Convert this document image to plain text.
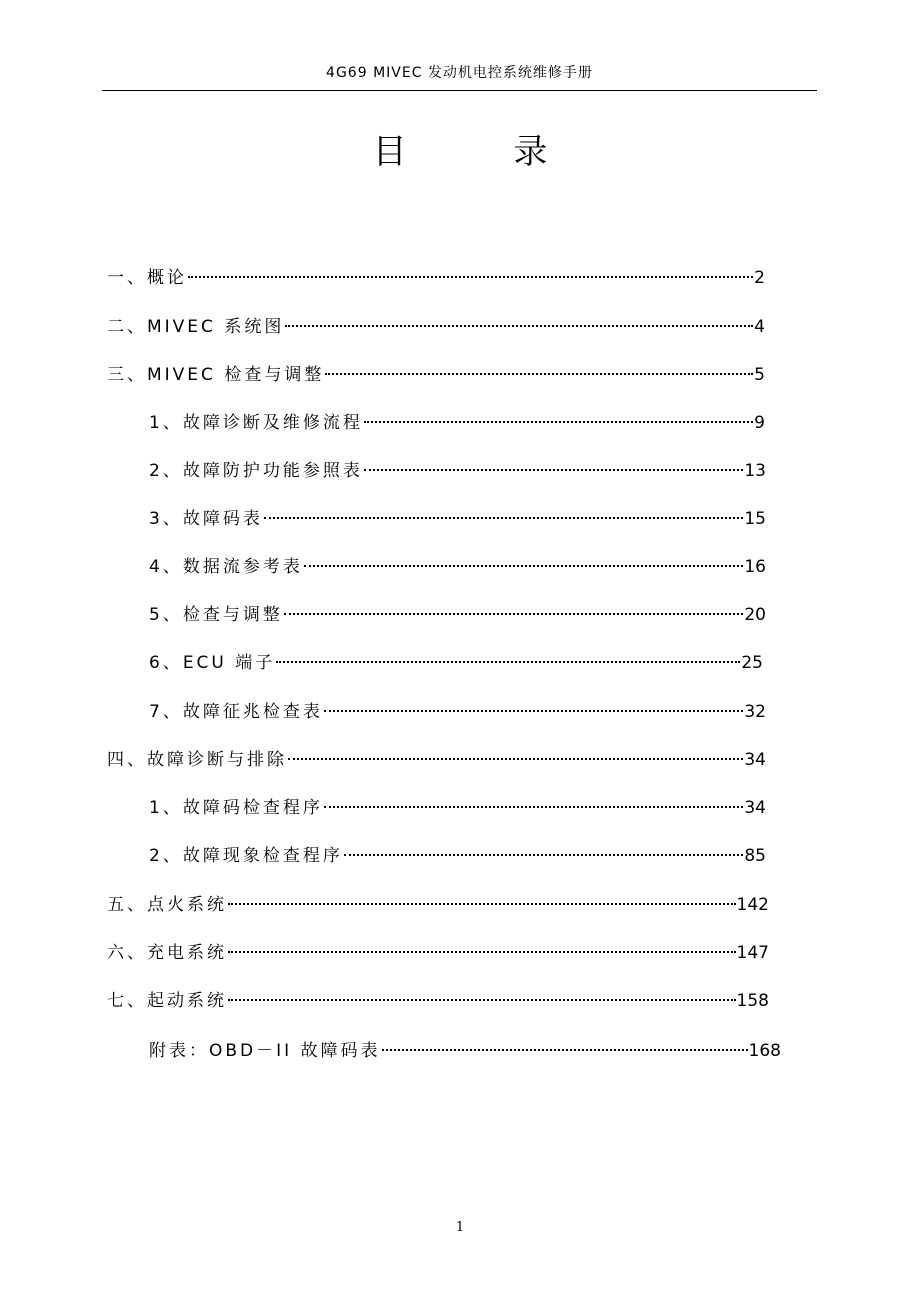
4G69 MIVEC 发动机电控系统维修手册
目 录
一、概论	2
二、MIVEC 系统图	4
三、MIVEC 检查与调整	5
1、故障诊断及维修流程	9
2、故障防护功能参照表	13
3、故障码表	15
4、数据流参考表	16
5、检查与调整	20
6、ECU 端子	25
7、故障征兆检查表	32
四、故障诊断与排除	34
1、故障码检查程序	34
2、故障现象检查程序	85
五、点火系统	142
六、充电系统	147
七、起动系统	158
附表：OBD－II 故障码表	168
1
